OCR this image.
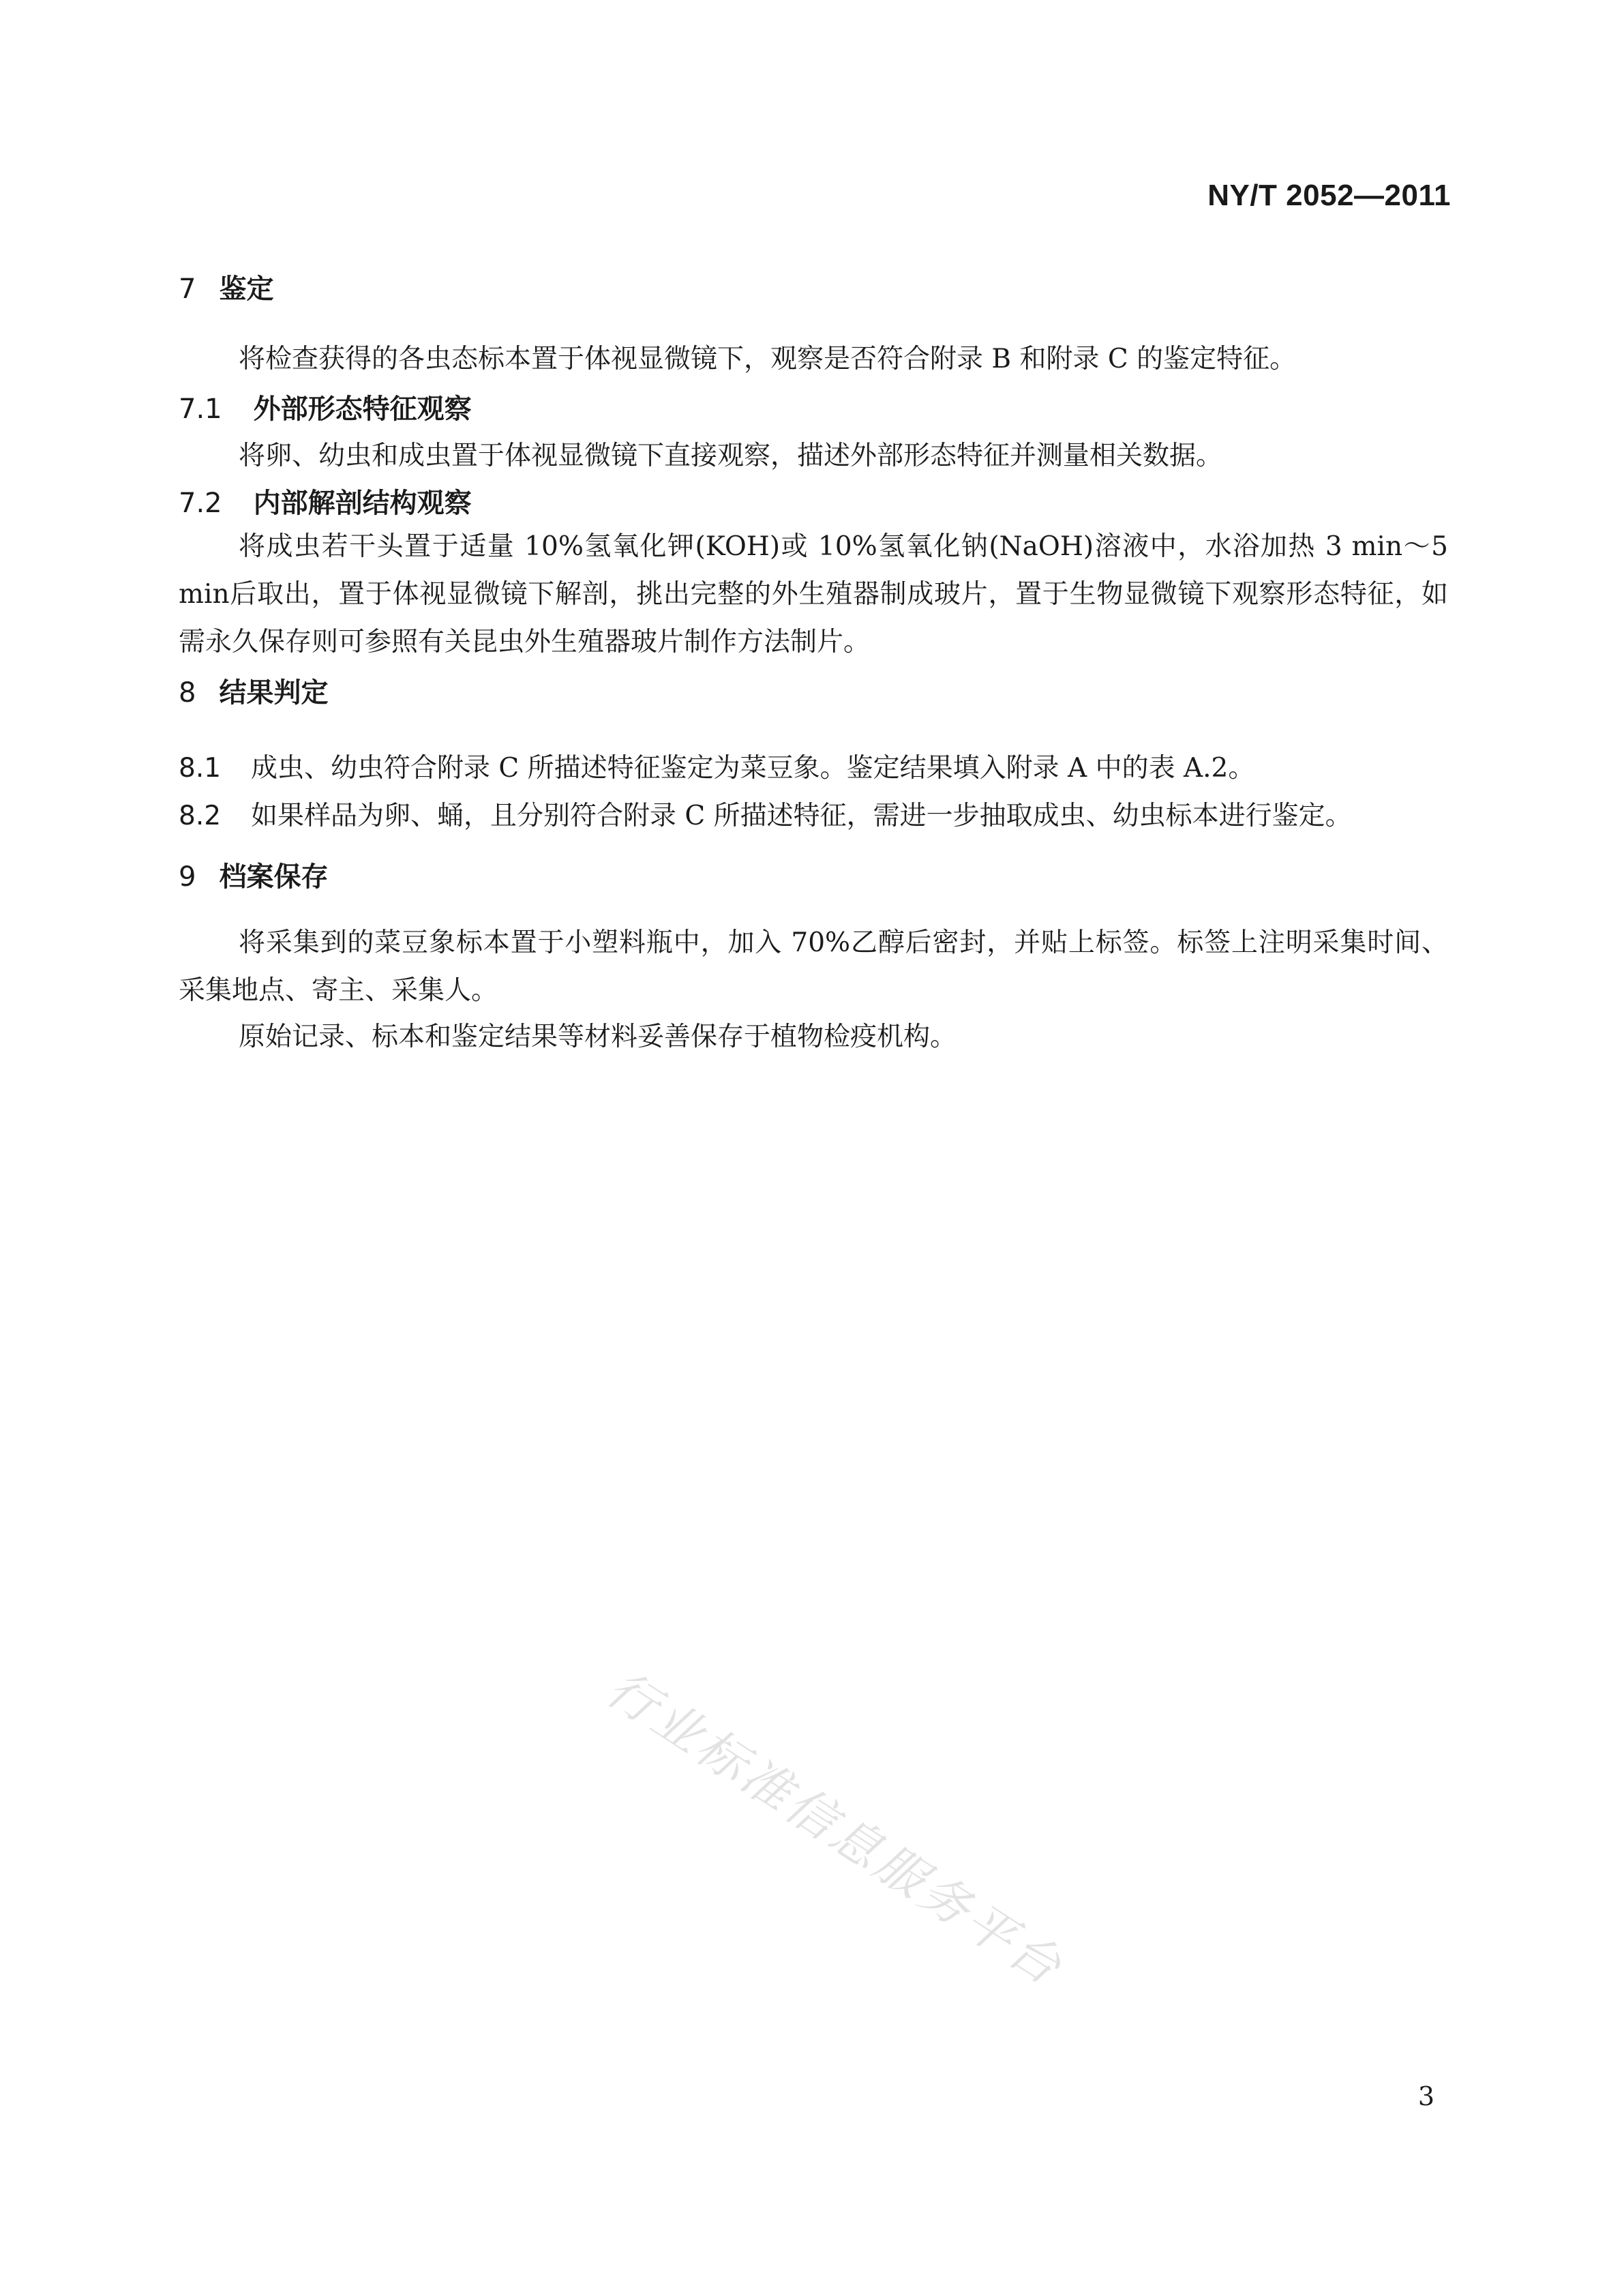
NY/T 2052—2011
7 鉴定

将检查获得的各虫态标本置于体视显微镜下，观察是否符合附录 B 和附录 C 的鉴定特征。

7.1 外部形态特征观察

将卵、幼虫和成虫置于体视显微镜下直接观察，描述外部形态特征并测量相关数据。

7.2 内部解剖结构观察

将成虫若干头置于适量 10%氢氧化钾(KOH)或 10%氢氧化钠(NaOH)溶液中，水浴加热 3 min～5 min后取出，置于体视显微镜下解剖，挑出完整的外生殖器制成玻片，置于生物显微镜下观察形态特征，如需永久保存则可参照有关昆虫外生殖器玻片制作方法制片。

8 结果判定

8.1 成虫、幼虫符合附录 C 所描述特征鉴定为菜豆象。鉴定结果填入附录 A 中的表 A.2。

8.2 如果样品为卵、蛹，且分别符合附录 C 所描述特征，需进一步抽取成虫、幼虫标本进行鉴定。

9 档案保存

将采集到的菜豆象标本置于小塑料瓶中，加入 70%乙醇后密封，并贴上标签。标签上注明采集时间、采集地点、寄主、采集人。

原始记录、标本和鉴定结果等材料妥善保存于植物检疫机构。

行业标准信息服务平台
3
